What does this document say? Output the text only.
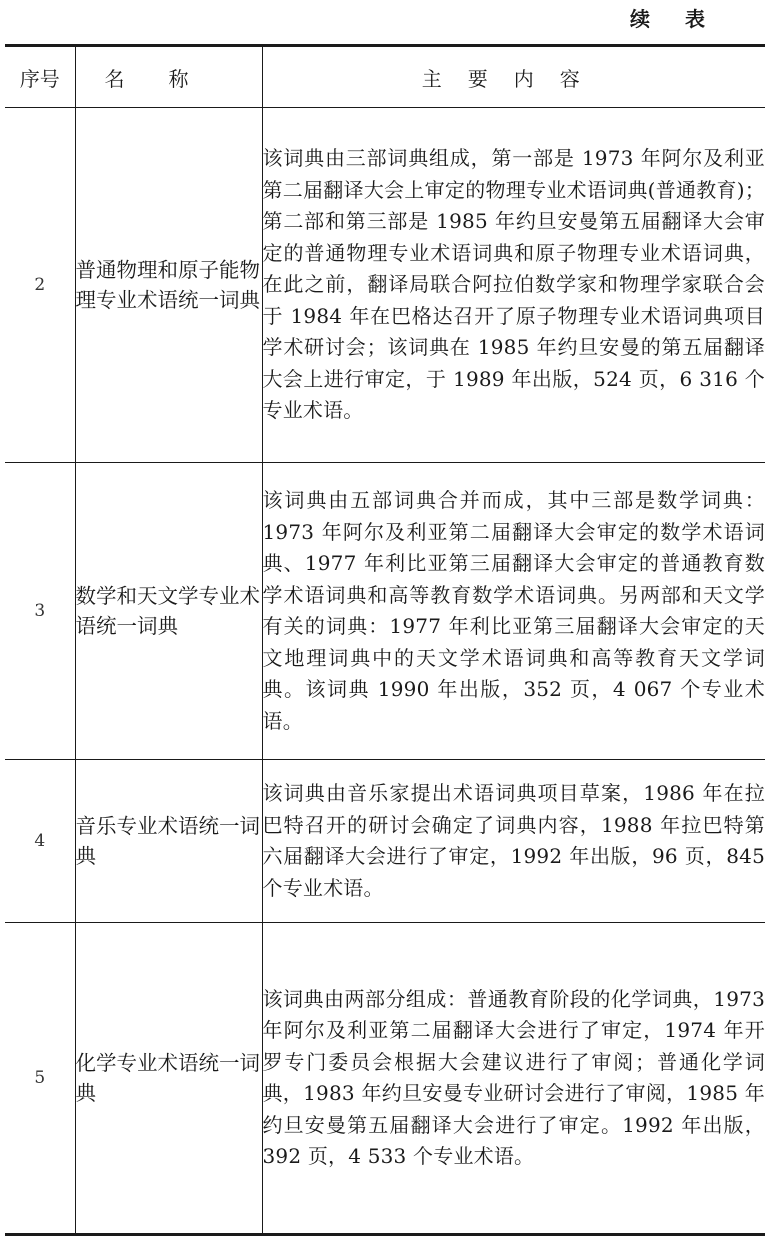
续 表
序号	名称	主要内容
2	普通物理和原子能物理专业术语统一词典	该词典由三部词典组成，第一部是 1973 年阿尔及利亚第二届翻译大会上审定的物理专业术语词典(普通教育)；第二部和第三部是 1985 年约旦安曼第五届翻译大会审定的普通物理专业术语词典和原子物理专业术语词典，在此之前，翻译局联合阿拉伯数学家和物理学家联合会于 1984 年在巴格达召开了原子物理专业术语词典项目学术研讨会；该词典在 1985 年约旦安曼的第五届翻译大会上进行审定，于 1989 年出版，524 页，6 316 个专业术语。
3	数学和天文学专业术语统一词典	该词典由五部词典合并而成，其中三部是数学词典：1973 年阿尔及利亚第二届翻译大会审定的数学术语词典、1977 年利比亚第三届翻译大会审定的普通教育数学术语词典和高等教育数学术语词典。另两部和天文学有关的词典：1977 年利比亚第三届翻译大会审定的天文地理词典中的天文学术语词典和高等教育天文学词典。该词典 1990 年出版，352 页，4 067 个专业术语。
4	音乐专业术语统一词典	该词典由音乐家提出术语词典项目草案，1986 年在拉巴特召开的研讨会确定了词典内容，1988 年拉巴特第六届翻译大会进行了审定，1992 年出版，96 页，845 个专业术语。
5	化学专业术语统一词典	该词典由两部分组成：普通教育阶段的化学词典，1973 年阿尔及利亚第二届翻译大会进行了审定，1974 年开罗专门委员会根据大会建议进行了审阅；普通化学词典，1983 年约旦安曼专业研讨会进行了审阅，1985 年约旦安曼第五届翻译大会进行了审定。1992 年出版，392 页，4 533 个专业术语。
